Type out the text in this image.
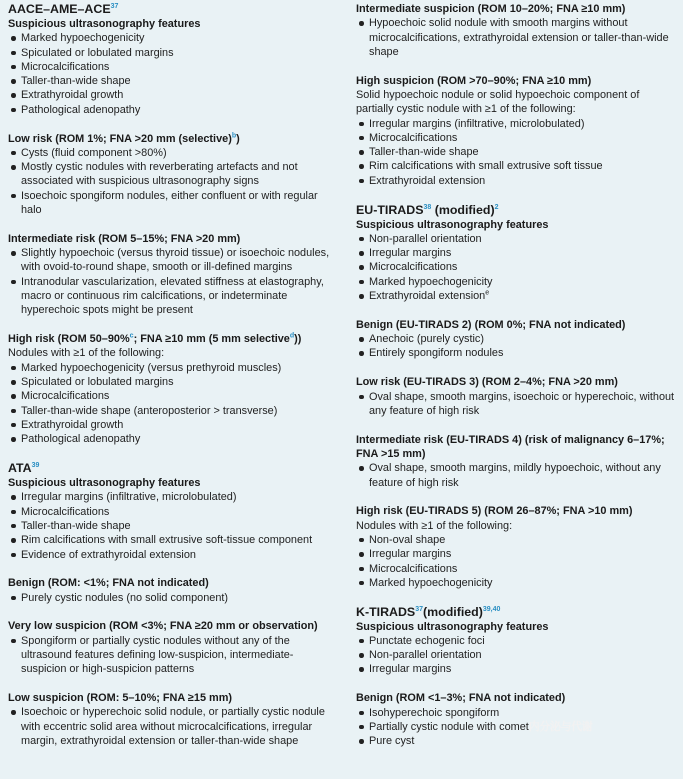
AACE–AME–ACE$^{37}$

Suspicious ultrasonography features

Marked hypoechogenicity
Spiculated or lobulated margins
Microcalcifications
Taller-than-wide shape
Extrathyroidal growth
Pathological adenopathy
Low risk (ROM 1%; FNA >20 mm (selective)$^b$)
Cysts (fluid component >80%)
Mostly cystic nodules with reverberating artefacts and not associated with suspicious ultrasonography signs
Isoechoic spongiform nodules, either confluent or with regular halo
Intermediate risk (ROM 5–15%; FNA >20 mm)
Slightly hypoechoic (versus thyroid tissue) or isoechoic nodules, with ovoid-to-round shape, smooth or ill-defined margins
Intranodular vascularization, elevated stiffness at elastography, macro or continuous rim calcifications, or indeterminate hyperechoic spots might be present
High risk (ROM 50–90%$^c$; FNA ≥10 mm (5 mm selective$^d$))
Nodules with ≥1 of the following:
Marked hypoechogenicity (versus prethyroid muscles)
Spiculated or lobulated margins
Microcalcifications
Taller-than-wide shape (anteroposterior > transverse)
Extrathyroidal growth
Pathological adenopathy

ATA$^{39}$

Suspicious ultrasonography features

Irregular margins (infiltrative, microlobulated)
Microcalcifications
Taller-than-wide shape
Rim calcifications with small extrusive soft-tissue component
Evidence of extrathyroidal extension
Benign (ROM: <1%; FNA not indicated)
Purely cystic nodules (no solid component)
Very low suspicion (ROM <3%; FNA ≥20 mm or observation)
Spongiform or partially cystic nodules without any of the ultrasound features defining low-suspicion, intermediate-suspicion or high-suspicion patterns
Low suspicion (ROM: 5–10%; FNA ≥15 mm)
Isoechoic or hyperechoic solid nodule, or partially cystic nodule with eccentric solid area without microcalcifications, irregular margin, extrathyroidal extension or taller-than-wide shape
Intermediate suspicion (ROM 10–20%; FNA ≥10 mm)
Hypoechoic solid nodule with smooth margins without microcalcifications, extrathyroidal extension or taller-than-wide shape
High suspicion (ROM >70–90%; FNA ≥10 mm)
Solid hypoechoic nodule or solid hypoechoic component of partially cystic nodule with ≥1 of the following:
Irregular margins (infiltrative, microlobulated)
Microcalcifications
Taller-than-wide shape
Rim calcifications with small extrusive soft tissue
Extrathyroidal extension

EU-TIRADS$^{38}$ (modified)$^2$

Suspicious ultrasonography features

Non-parallel orientation
Irregular margins
Microcalcifications
Marked hypoechogenicity
Extrathyroidal extension$^e$
Benign (EU-TIRADS 2) (ROM 0%; FNA not indicated)
Anechoic (purely cystic)
Entirely spongiform nodules
Low risk (EU-TIRADS 3) (ROM 2–4%; FNA >20 mm)
Oval shape, smooth margins, isoechoic or hyperechoic, without any feature of high risk
Intermediate risk (EU-TIRADS 4) (risk of malignancy 6–17%; FNA >15 mm)
Oval shape, smooth margins, mildly hypoechoic, without any feature of high risk
High risk (EU-TIRADS 5) (ROM 26–87%; FNA >10 mm)
Nodules with ≥1 of the following:
Non-oval shape
Irregular margins
Microcalcifications
Marked hypoechogenicity

K-TIRADS$^{37}$(modified)$^{39,40}$

Suspicious ultrasonography features

Punctate echogenic foci
Non-parallel orientation
Irregular margins
Benign (ROM <1–3%; FNA not indicated)
Isohyperechoic spongiform
Partially cystic nodule with comet内分泌与代谢
Pure cyst
